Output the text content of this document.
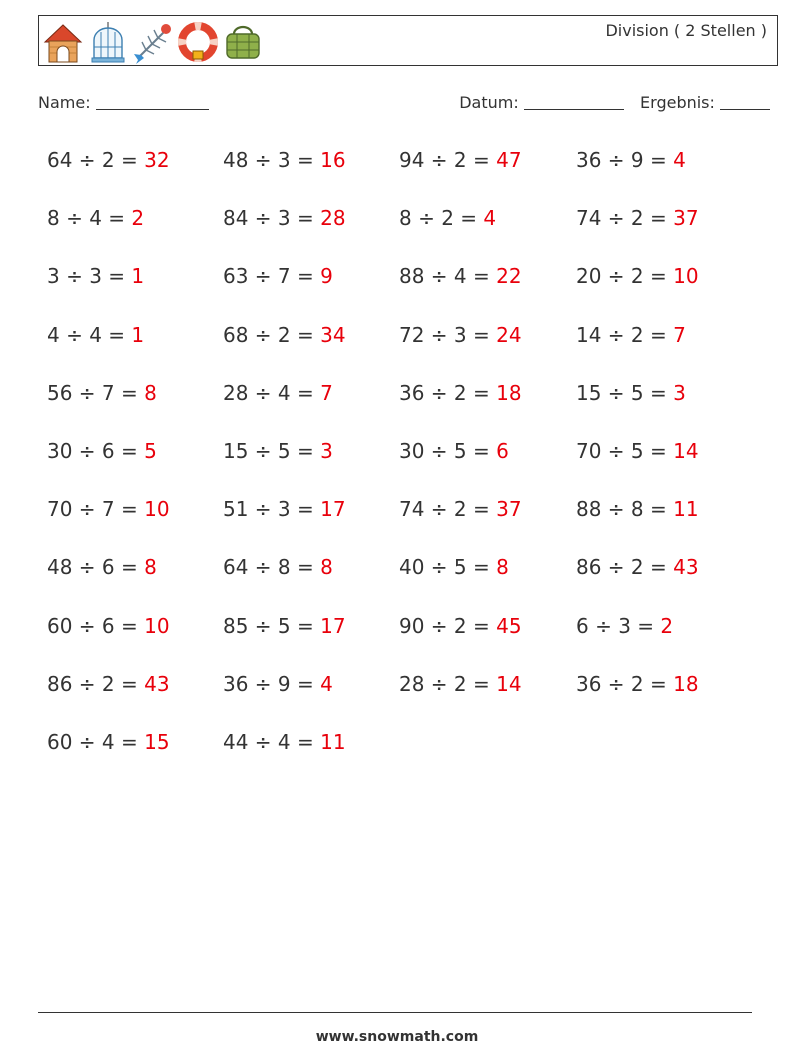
Division ( 2 Stellen )
Name:	Datum:	Ergebnis:
64 ÷ 2 = 32	48 ÷ 3 = 16	94 ÷ 2 = 47	36 ÷ 9 = 4
8 ÷ 4 = 2	84 ÷ 3 = 28	8 ÷ 2 = 4	74 ÷ 2 = 37
3 ÷ 3 = 1	63 ÷ 7 = 9	88 ÷ 4 = 22	20 ÷ 2 = 10
4 ÷ 4 = 1	68 ÷ 2 = 34	72 ÷ 3 = 24	14 ÷ 2 = 7
56 ÷ 7 = 8	28 ÷ 4 = 7	36 ÷ 2 = 18	15 ÷ 5 = 3
30 ÷ 6 = 5	15 ÷ 5 = 3	30 ÷ 5 = 6	70 ÷ 5 = 14
70 ÷ 7 = 10	51 ÷ 3 = 17	74 ÷ 2 = 37	88 ÷ 8 = 11
48 ÷ 6 = 8	64 ÷ 8 = 8	40 ÷ 5 = 8	86 ÷ 2 = 43
60 ÷ 6 = 10	85 ÷ 5 = 17	90 ÷ 2 = 45	6 ÷ 3 = 2
86 ÷ 2 = 43	36 ÷ 9 = 4	28 ÷ 2 = 14	36 ÷ 2 = 18
60 ÷ 4 = 15	44 ÷ 4 = 11
www.snowmath.com
